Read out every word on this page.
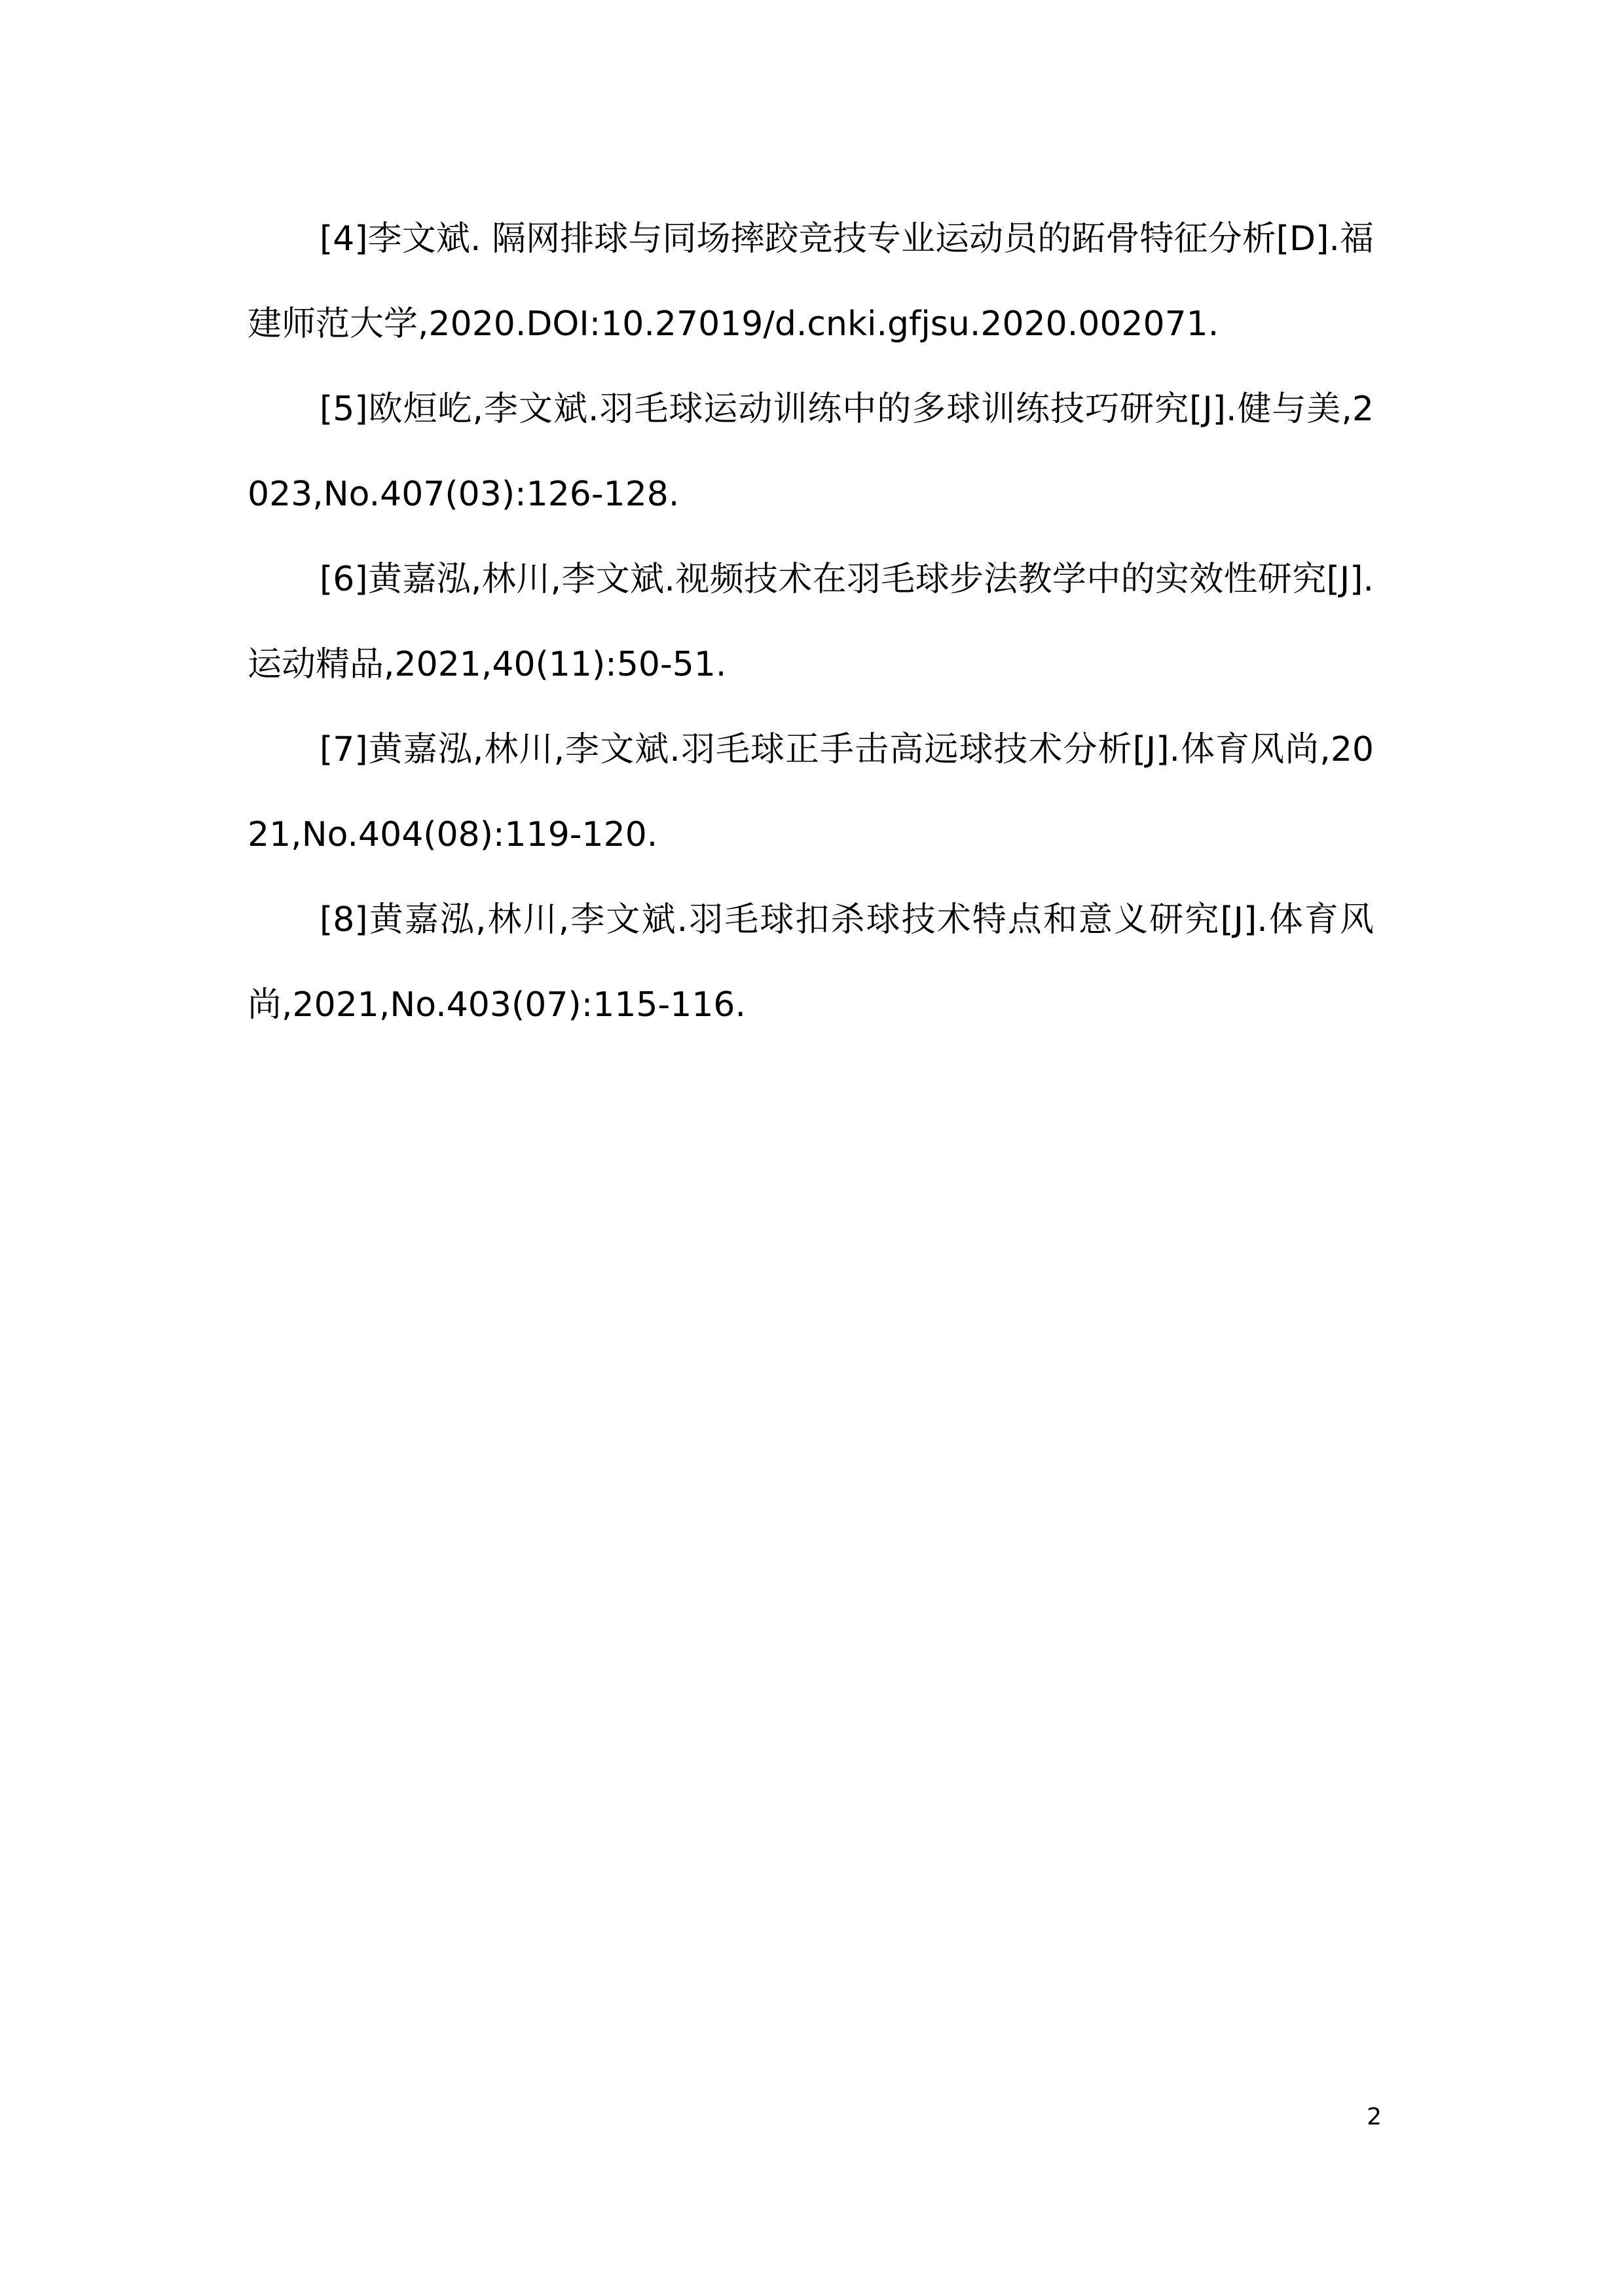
[4]李文斌. 隔网排球与同场摔跤竞技专业运动员的跖骨特征分析[D].福建师范大学,2020.DOI:10.27019/d.cnki.gfjsu.2020.002071.

[5]欧烜屹,李文斌.羽毛球运动训练中的多球训练技巧研究[J].健与美,2023,No.407(03):126-128.

[6]黄嘉泓,林川,李文斌.视频技术在羽毛球步法教学中的实效性研究[J].运动精品,2021,40(11):50-51.

[7]黄嘉泓,林川,李文斌.羽毛球正手击高远球技术分析[J].体育风尚,2021,No.404(08):119-120.

[8]黄嘉泓,林川,李文斌.羽毛球扣杀球技术特点和意义研究[J].体育风尚,2021,No.403(07):115-116.

2
